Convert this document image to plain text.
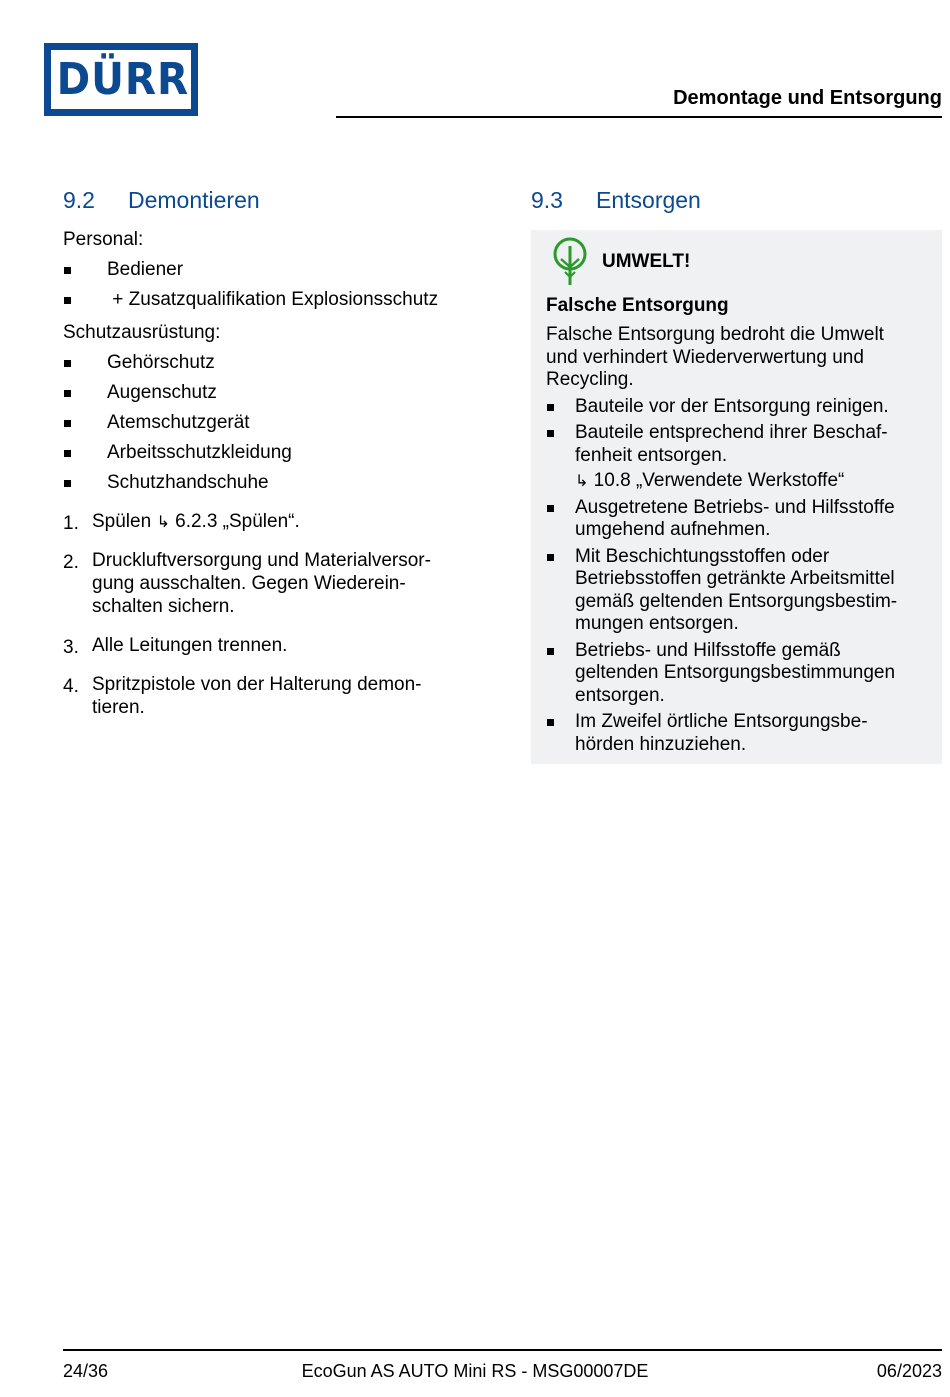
DÜRR	Demontage und Entsorgung
9.2	Demontieren
Personal:
Bediener
+ Zusatzqualifikation Explosionsschutz
Schutzausrüstung:
Gehörschutz
Augenschutz
Atemschutzgerät
Arbeitsschutzkleidung
Schutzhandschuhe
1. Spülen ↳ 6.2.3 „Spülen“.
2. Druckluftversorgung und Materialversor-
gung ausschalten. Gegen Wiederein-
schalten sichern.
3. Alle Leitungen trennen.
4. Spritzpistole von der Halterung demon-
tieren.
9.3	Entsorgen
UMWELT!
Falsche Entsorgung
Falsche Entsorgung bedroht die Umwelt
und verhindert Wiederverwertung und
Recycling.
Bauteile vor der Entsorgung reinigen.
Bauteile entsprechend ihrer Beschaf-
fenheit entsorgen.
↳ 10.8 „Verwendete Werkstoffe“
Ausgetretene Betriebs- und Hilfsstoffe
umgehend aufnehmen.
Mit Beschichtungsstoffen oder
Betriebsstoffen getränkte Arbeitsmittel
gemäß geltenden Entsorgungsbestim-
mungen entsorgen.
Betriebs- und Hilfsstoffe gemäß
geltenden Entsorgungsbestimmungen
entsorgen.
Im Zweifel örtliche Entsorgungsbe-
hörden hinzuziehen.
24/36	EcoGun AS AUTO Mini RS - MSG00007DE	06/2023
